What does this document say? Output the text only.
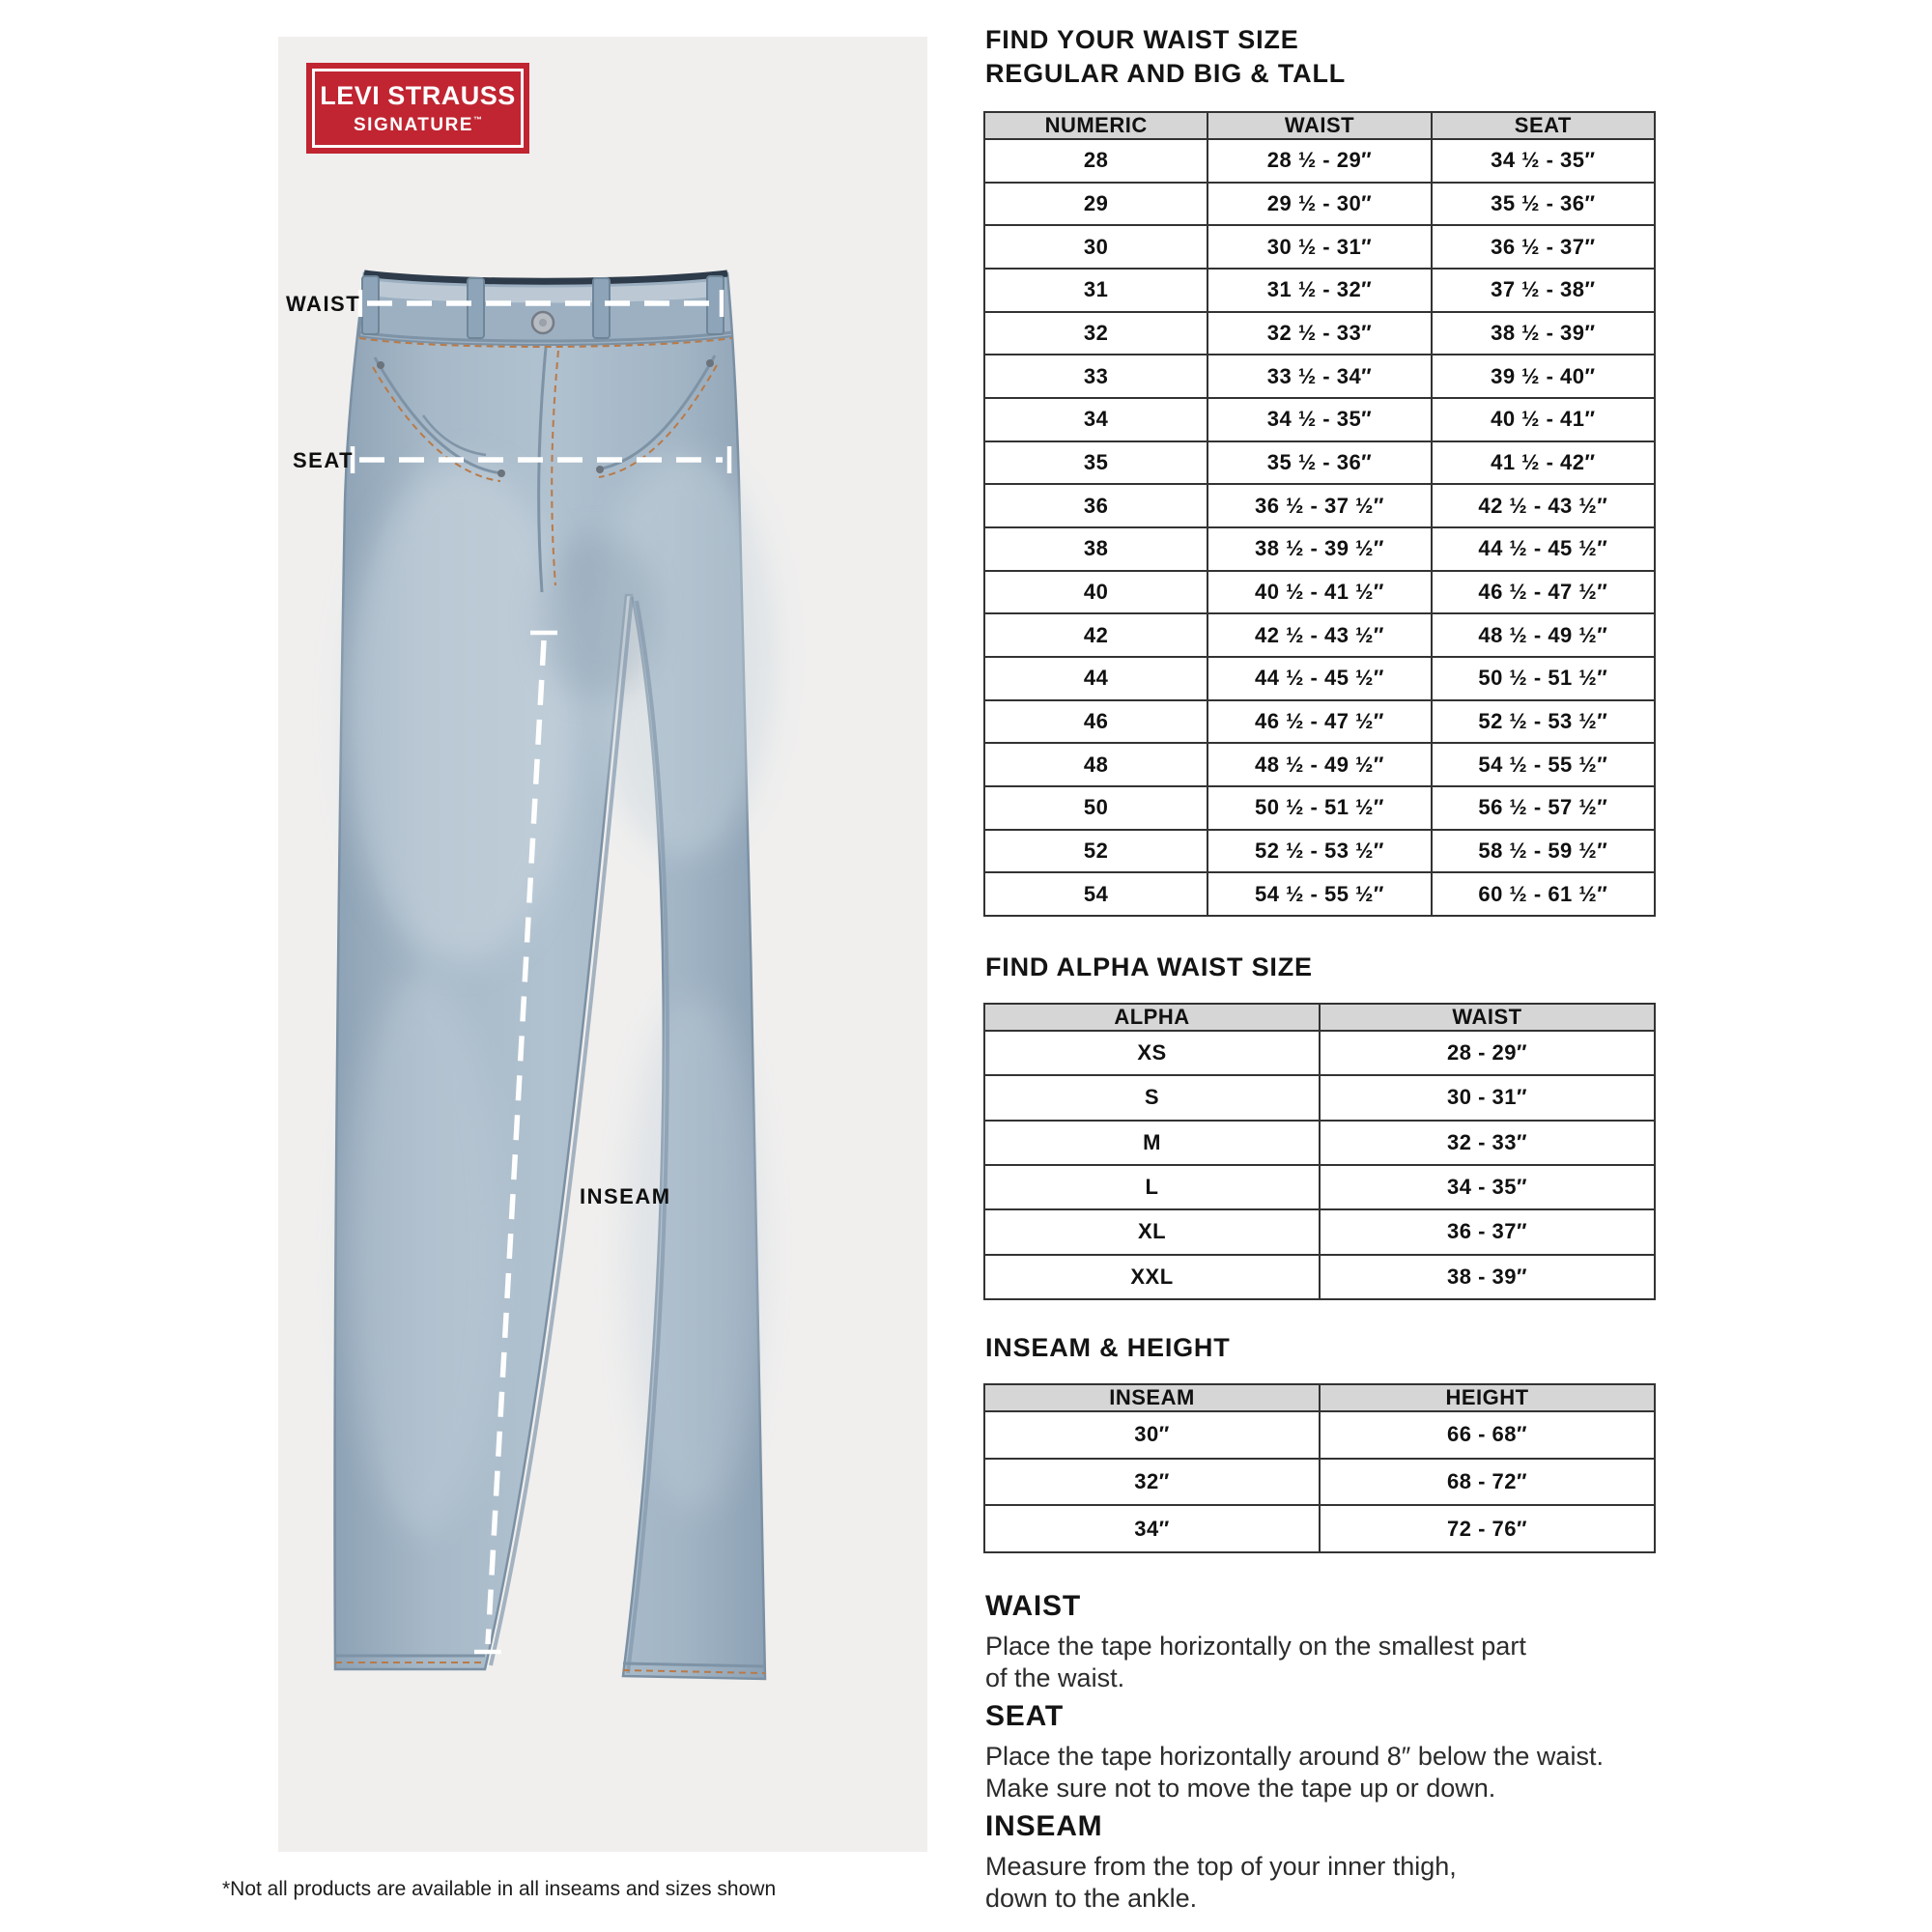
LEVI STRAUSS
SIGNATURE™
WAIST
SEAT
INSEAM
FIND YOUR WAIST SIZE
REGULAR AND BIG & TALL
NUMERIC	WAIST	SEAT
28	28 ½ - 29″	34 ½ - 35″
29	29 ½ - 30″	35 ½ - 36″
30	30 ½ - 31″	36 ½ - 37″
31	31 ½ - 32″	37 ½ - 38″
32	32 ½ - 33″	38 ½ - 39″
33	33 ½ - 34″	39 ½ - 40″
34	34 ½ - 35″	40 ½ - 41″
35	35 ½ - 36″	41 ½ - 42″
36	36 ½ - 37 ½″	42 ½ - 43 ½″
38	38 ½ - 39 ½″	44 ½ - 45 ½″
40	40 ½ - 41 ½″	46 ½ - 47 ½″
42	42 ½ - 43 ½″	48 ½ - 49 ½″
44	44 ½ - 45 ½″	50 ½ - 51 ½″
46	46 ½ - 47 ½″	52 ½ - 53 ½″
48	48 ½ - 49 ½″	54 ½ - 55 ½″
50	50 ½ - 51 ½″	56 ½ - 57 ½″
52	52 ½ - 53 ½″	58 ½ - 59 ½″
54	54 ½ - 55 ½″	60 ½ - 61 ½″
FIND ALPHA WAIST SIZE
ALPHA	WAIST
XS	28 - 29″
S	30 - 31″
M	32 - 33″
L	34 - 35″
XL	36 - 37″
XXL	38 - 39″
INSEAM & HEIGHT
INSEAM	HEIGHT
30″	66 - 68″
32″	68 - 72″
34″	72 - 76″
WAIST

Place the tape horizontally on the smallest part

of the waist.

SEAT

Place the tape horizontally around 8″ below the waist.

Make sure not to move the tape up or down.

INSEAM

Measure from the top of your inner thigh,

down to the ankle.

*Not all products are available in all inseams and sizes shown
